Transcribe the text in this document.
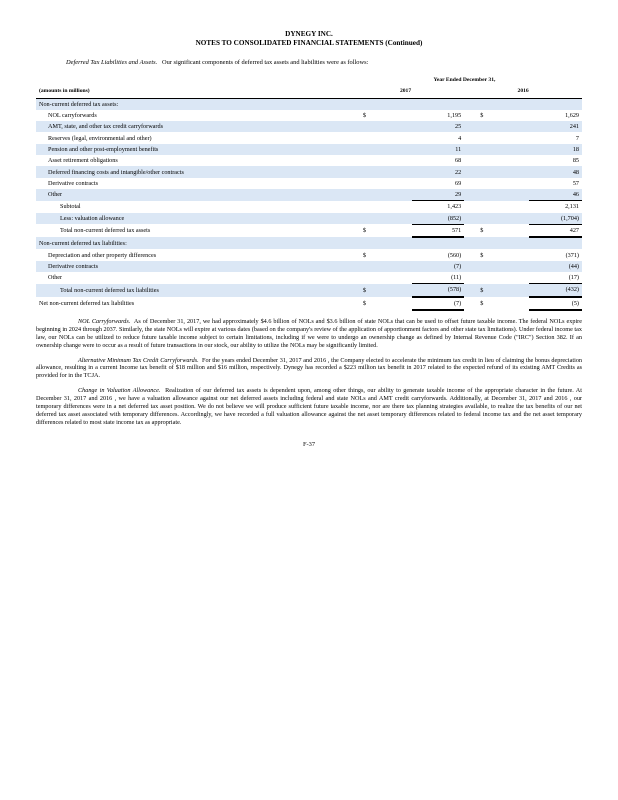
DYNEGY INC.
NOTES TO CONSOLIDATED FINANCIAL STATEMENTS (Continued)
Deferred Tax Liabilities and Assets. Our significant components of deferred tax assets and liabilities were as follows:
	Year Ended December 31,			
(amounts in millions)	2017		2016	
Non-current deferred tax assets:				
NOL carryforwards	$	1,195	$	1,629
AMT, state, and other tax credit carryforwards		25		241
Reserves (legal, environmental and other)		4		7
Pension and other post-employment benefits		11		18
Asset retirement obligations		68		85
Deferred financing costs and intangible/other contracts		22		48
Derivative contracts		69		57
Other		29		46
Subtotal		1,423		2,131
Less: valuation allowance		(852)		(1,704)
Total non-current deferred tax assets	$	571	$	427
Non-current deferred tax liabilities:				
Depreciation and other property differences	$	(560)	$	(371)
Derivative contracts		(7)		(44)
Other		(11)		(17)
Total non-current deferred tax liabilities	$	(578)	$	(432)
Net non-current deferred tax liabilities	$	(7)	$	(5)

NOL Carryforwards. As of December 31, 2017, we had approximately $4.6 billion of NOLs and $3.6 billion of state NOLs that can be used to offset future taxable income. The federal NOLs expire beginning in 2024 through 2037. Similarly, the state NOLs will expire at various dates (based on the company's review of the application of apportionment factors and other state tax limitations). Under federal income tax law, our NOLs can be utilized to reduce future taxable income subject to certain limitations, including if we were to undergo an ownership change as defined by Internal Revenue Code ("IRC") Section 382. If an ownership change were to occur as a result of future transactions in our stock, our ability to utilize the NOLs may be significantly limited.

Alternative Minimum Tax Credit Carryforwards. For the years ended December 31, 2017 and 2016 , the Company elected to accelerate the minimum tax credit in lieu of claiming the bonus depreciation allowance, resulting in a current Income tax benefit of $18 million and $16 million, respectively. Dynegy has recorded a $223 million tax benefit in 2017 related to the expected refund of its existing AMT Credits as provided for in the TCJA.

Change in Valuation Allowance. Realization of our deferred tax assets is dependent upon, among other things, our ability to generate taxable income of the appropriate character in the future. At December 31, 2017 and 2016 , we have a valuation allowance against our net deferred assets including federal and state NOLs and AMT credit carryforwards. Additionally, at December 31, 2017 and 2016 , our temporary differences were in a net deferred tax asset position. We do not believe we will produce sufficient future taxable income, nor are there tax planning strategies available, to realize the tax benefits of our net deferred tax asset associated with temporary differences. Accordingly, we have recorded a full valuation allowance against the net asset temporary differences related to federal income tax and the net asset temporary differences related to most state income tax as appropriate.

F-37
